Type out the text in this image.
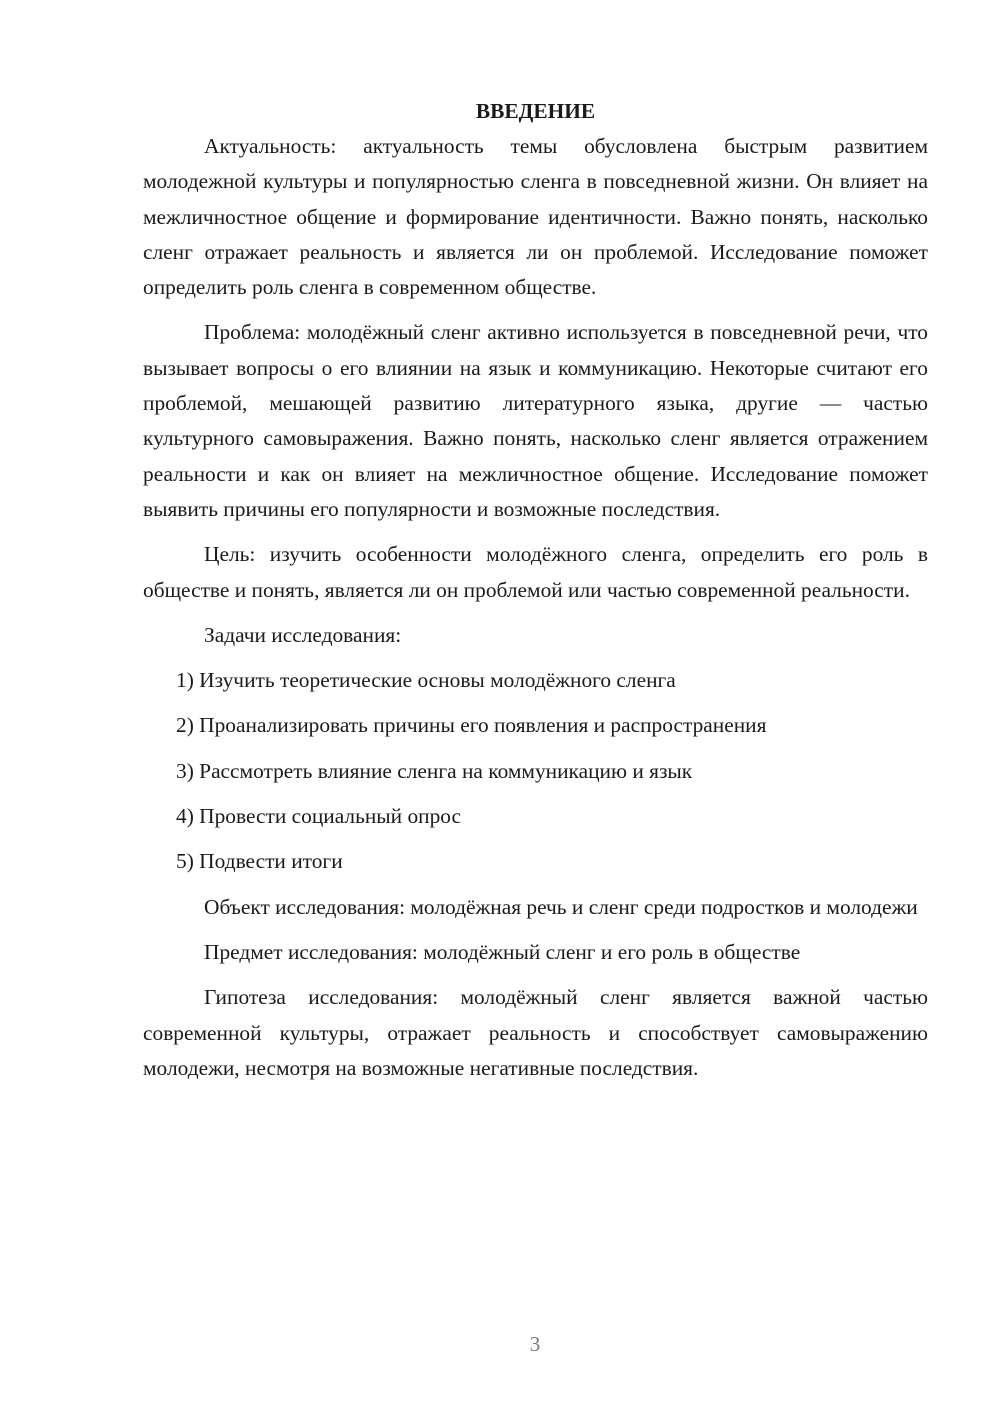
ВВЕДЕНИЕ

Актуальность: актуальность темы обусловлена быстрым развитием молодежной культуры и популярностью сленга в повседневной жизни. Он влияет на межличностное общение и формирование идентичности. Важно понять, насколько сленг отражает реальность и является ли он проблемой. Исследование поможет определить роль сленга в современном обществе.

Проблема: молодёжный сленг активно используется в повседневной речи, что вызывает вопросы о его влиянии на язык и коммуникацию. Некоторые считают его проблемой, мешающей развитию литературного языка, другие — частью культурного самовыражения. Важно понять, насколько сленг является отражением реальности и как он влияет на межличностное общение. Исследование поможет выявить причины его популярности и возможные последствия.

Цель: изучить особенности молодёжного сленга, определить его роль в обществе и понять, является ли он проблемой или частью современной реальности.

Задачи исследования:

1) Изучить теоретические основы молодёжного сленга

2) Проанализировать причины его появления и распространения

3) Рассмотреть влияние сленга на коммуникацию и язык

4) Провести социальный опрос

5) Подвести итоги

Объект исследования: молодёжная речь и сленг среди подростков и молодежи

Предмет исследования: молодёжный сленг и его роль в обществе

Гипотеза исследования: молодёжный сленг является важной частью современной культуры, отражает реальность и способствует самовыражению молодежи, несмотря на возможные негативные последствия.

3
